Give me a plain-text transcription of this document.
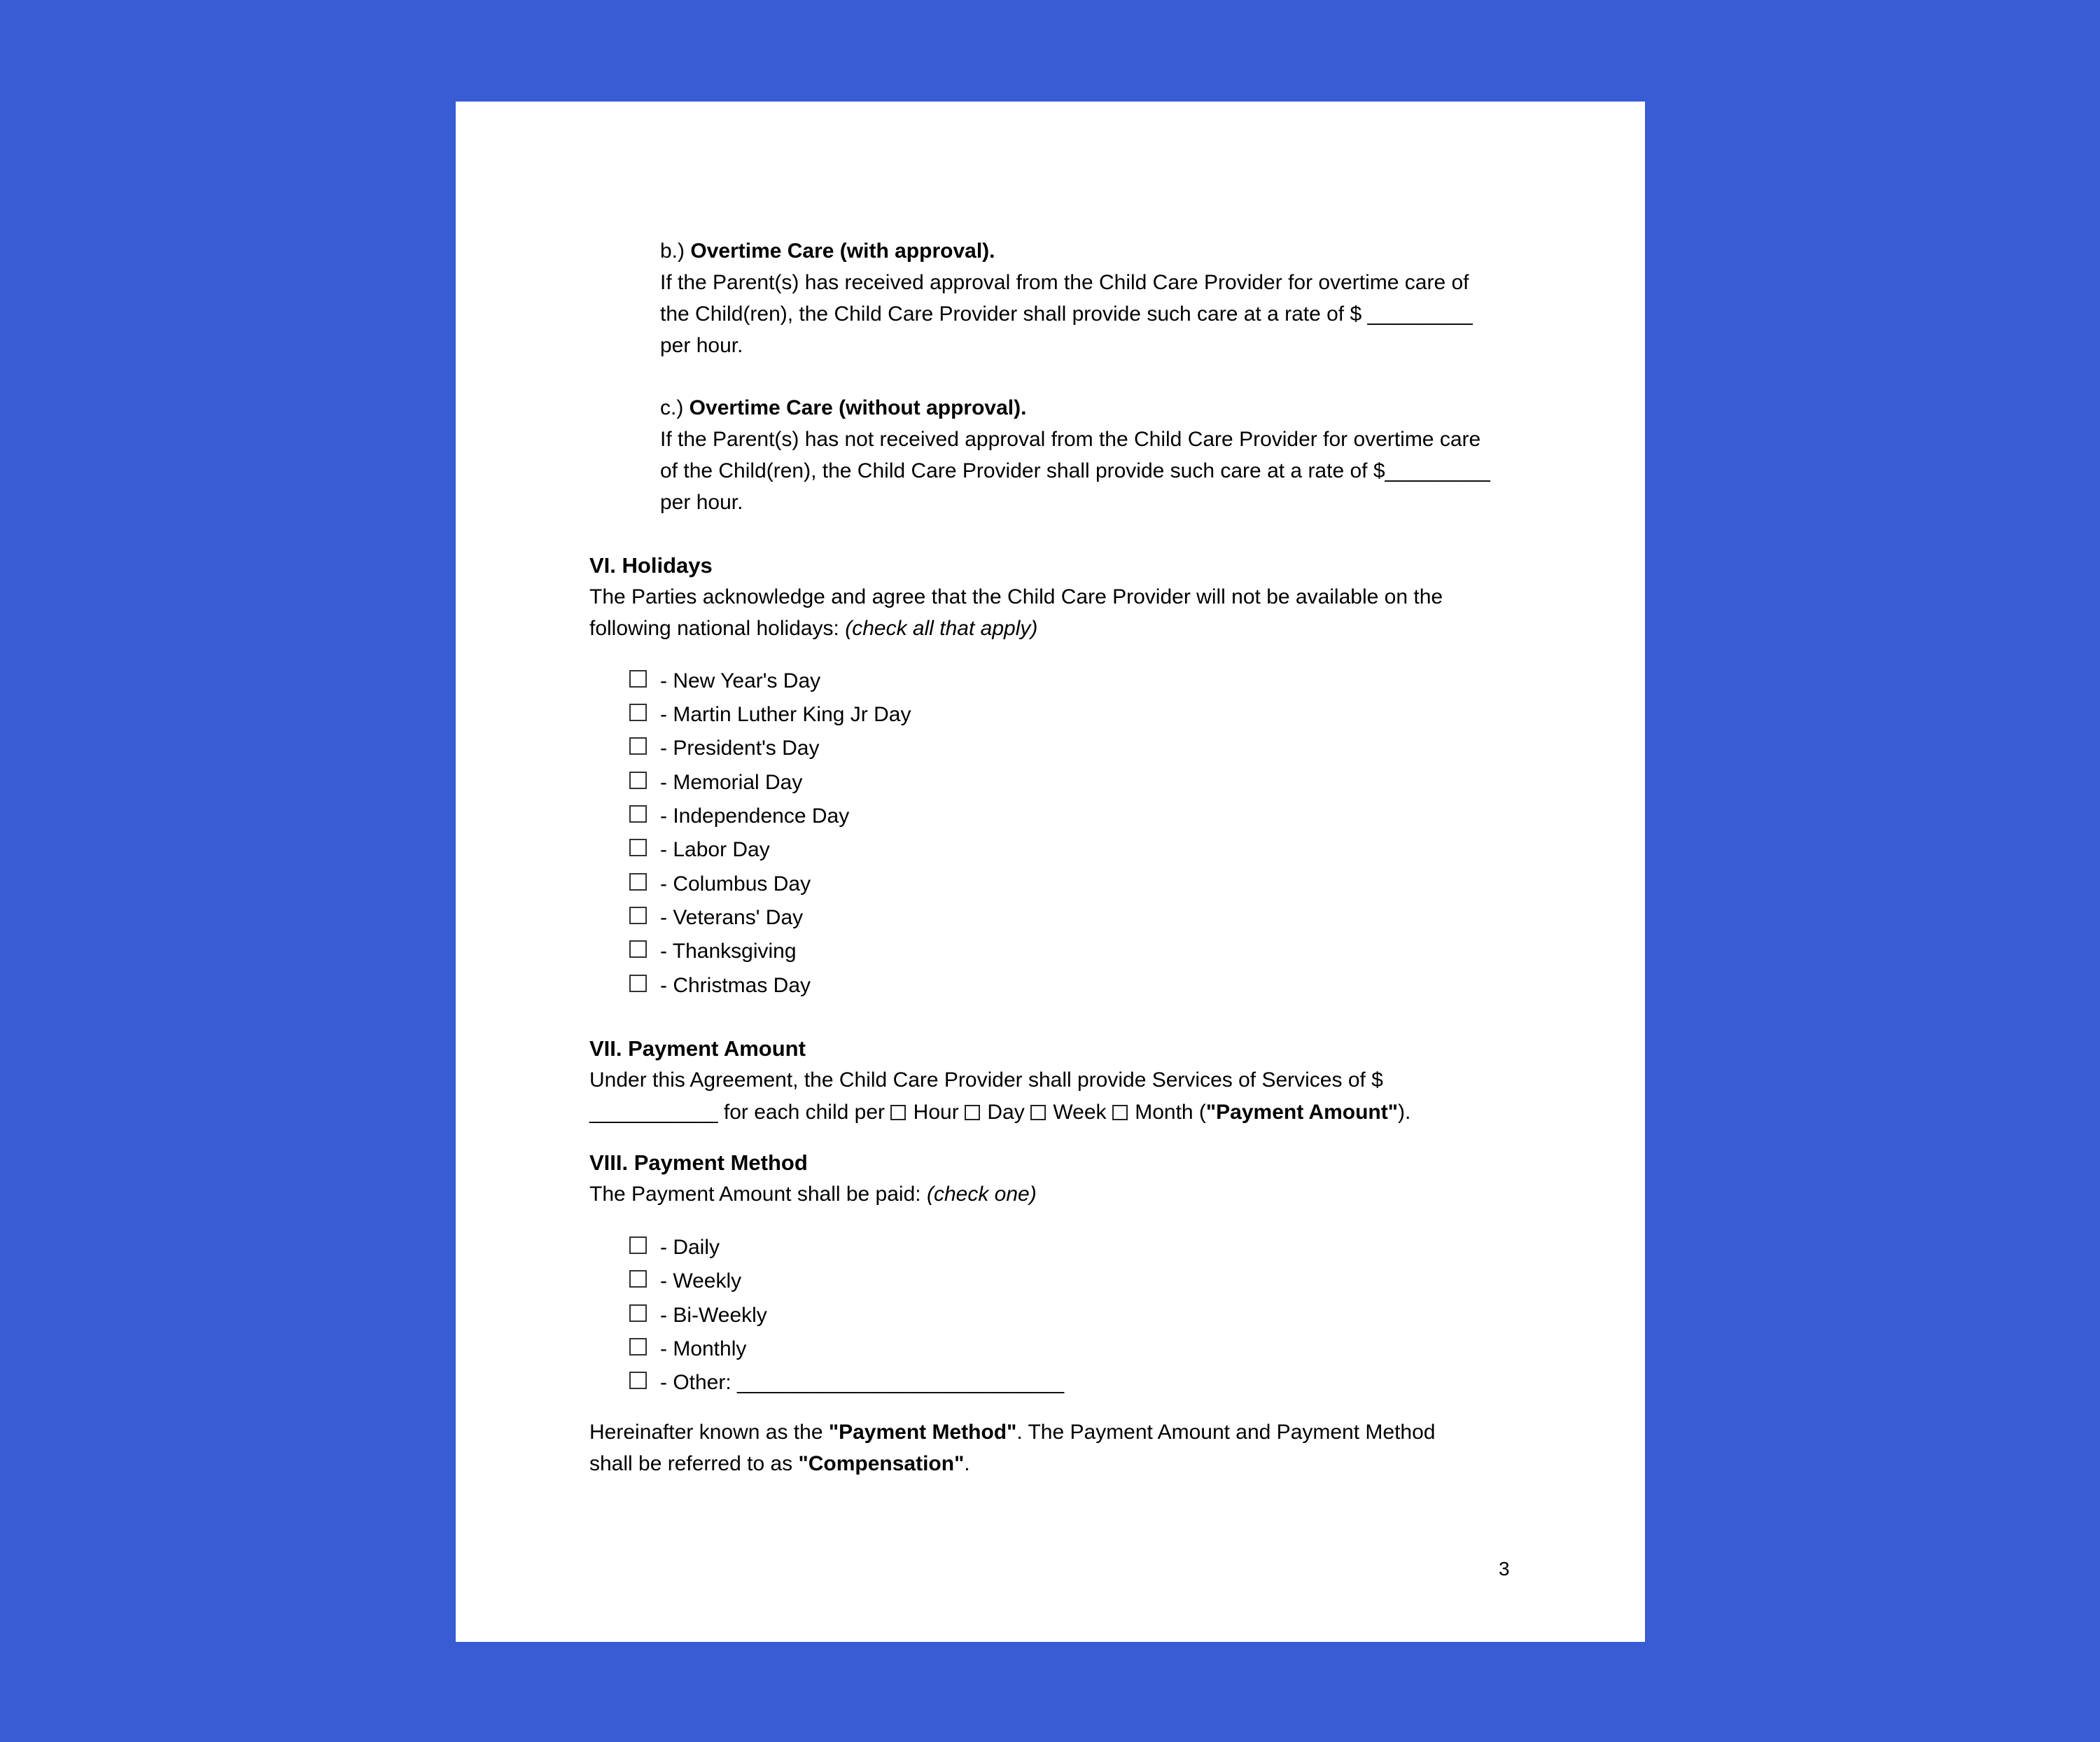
b.) Overtime Care (with approval).
If the Parent(s) has received approval from the Child Care Provider for overtime care of
the Child(ren), the Child Care Provider shall provide such care at a rate of $ _________
per hour.
c.) Overtime Care (without approval).
If the Parent(s) has not received approval from the Child Care Provider for overtime care
of the Child(ren), the Child Care Provider shall provide such care at a rate of $_________
per hour.
VI. Holidays
The Parties acknowledge and agree that the Child Care Provider will not be available on the
following national holidays: (check all that apply)
- New Year's Day
- Martin Luther King Jr Day
- President's Day
- Memorial Day
- Independence Day
- Labor Day
- Columbus Day
- Veterans' Day
- Thanksgiving
- Christmas Day
VII. Payment Amount
Under this Agreement, the Child Care Provider shall provide Services of Services of $
___________ for each child per  Hour  Day  Week  Month ("Payment Amount").
VIII. Payment Method
The Payment Amount shall be paid: (check one)
- Daily
- Weekly
- Bi-Weekly
- Monthly
- Other: ____________________________
Hereinafter known as the "Payment Method". The Payment Amount and Payment Method
shall be referred to as "Compensation".
3
